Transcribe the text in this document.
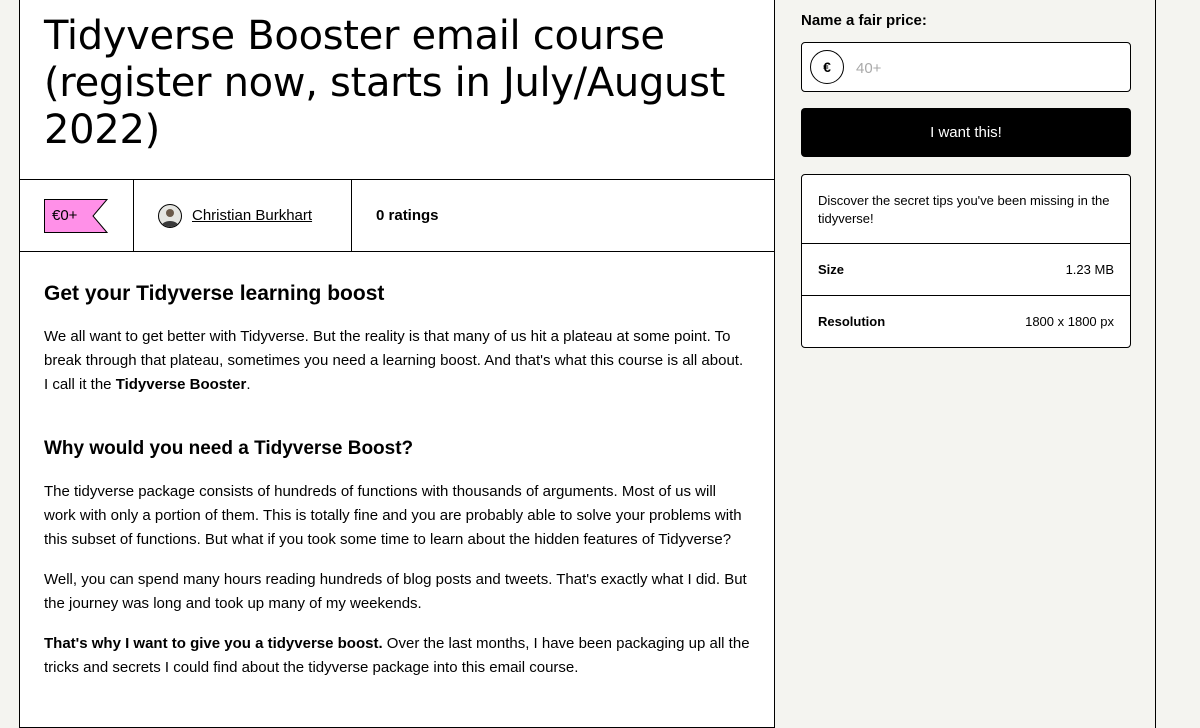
Tidyverse Booster email course (register now, starts in July/August 2022)
€0+	Christian Burkhart	0 ratings
Get your Tidyverse learning boost

We all want to get better with Tidyverse. But the reality is that many of us hit a plateau at some point. To break through that plateau, sometimes you need a learning boost. And that's what this course is all about. I call it the Tidyverse Booster.

Why would you need a Tidyverse Boost?

The tidyverse package consists of hundreds of functions with thousands of arguments. Most of us will work with only a portion of them. This is totally fine and you are probably able to solve your problems with this subset of functions. But what if you took some time to learn about the hidden features of Tidyverse?

Well, you can spend many hours reading hundreds of blog posts and tweets. That's exactly what I did. But the journey was long and took up many of my weekends.

That's why I want to give you a tidyverse boost. Over the last months, I have been packaging up all the tricks and secrets I could find about the tidyverse package into this email course.

Name a fair price:
€
40+
I want this!
Discover the secret tips you've been missing in the tidyverse!
Size	1.23 MB
Resolution	1800 x 1800 px
